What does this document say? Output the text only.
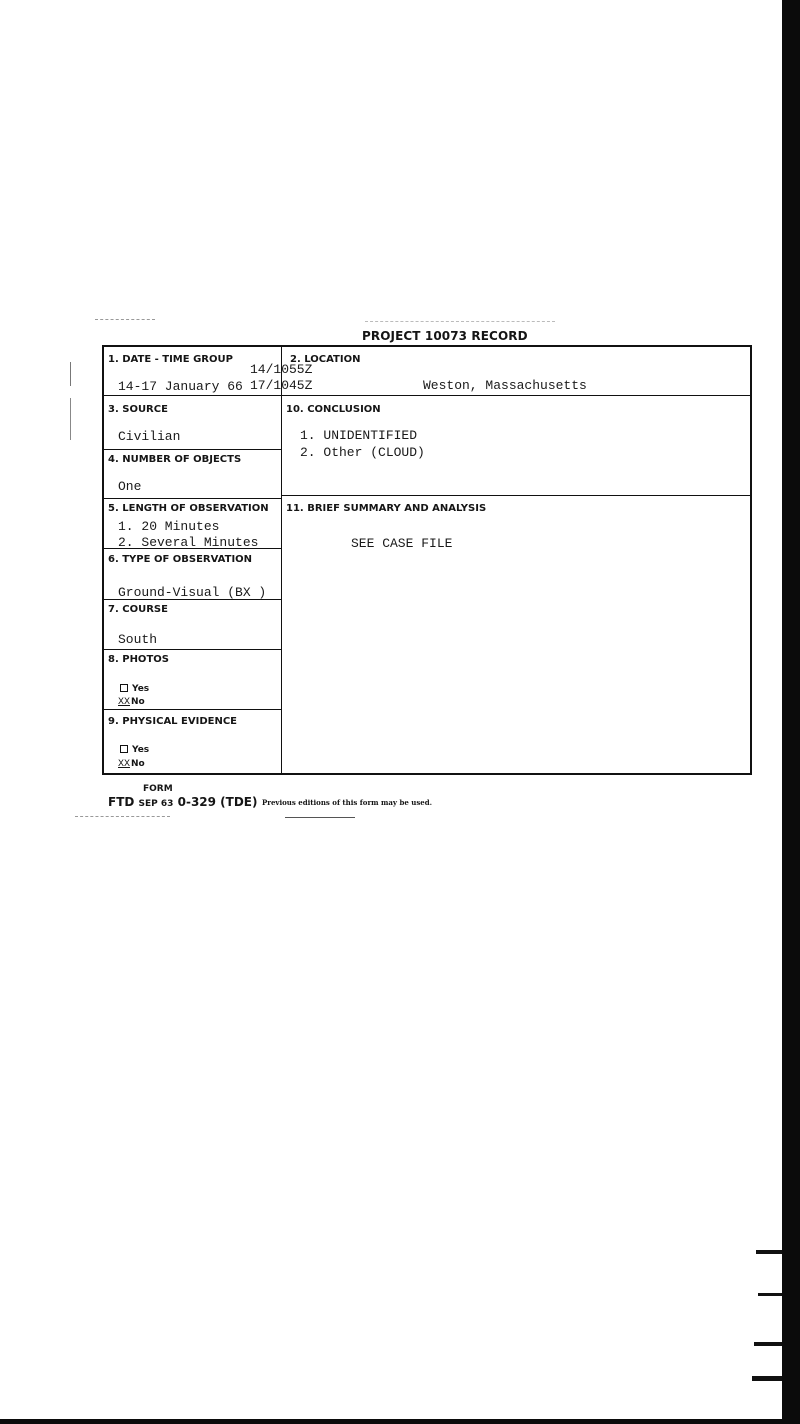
PROJECT 10073 RECORD
1. DATE - TIME GROUP
14-17 January 66
14/1055Z
17/1045Z
2. LOCATION
Weston, Massachusetts
3. SOURCE
Civilian
4. NUMBER OF OBJECTS
One
5. LENGTH OF OBSERVATION
1. 20 Minutes
2. Several Minutes
6. TYPE OF OBSERVATION
Ground-Visual (BX )
7. COURSE
South
8. PHOTOS
Yes
XXNo
9. PHYSICAL EVIDENCE
Yes
XXNo
10. CONCLUSION
1. UNIDENTIFIED
2. Other (CLOUD)
11. BRIEF SUMMARY AND ANALYSIS
SEE CASE FILE
FORM
FTD SEP 63 0-329 (TDE) Previous editions of this form may be used.
